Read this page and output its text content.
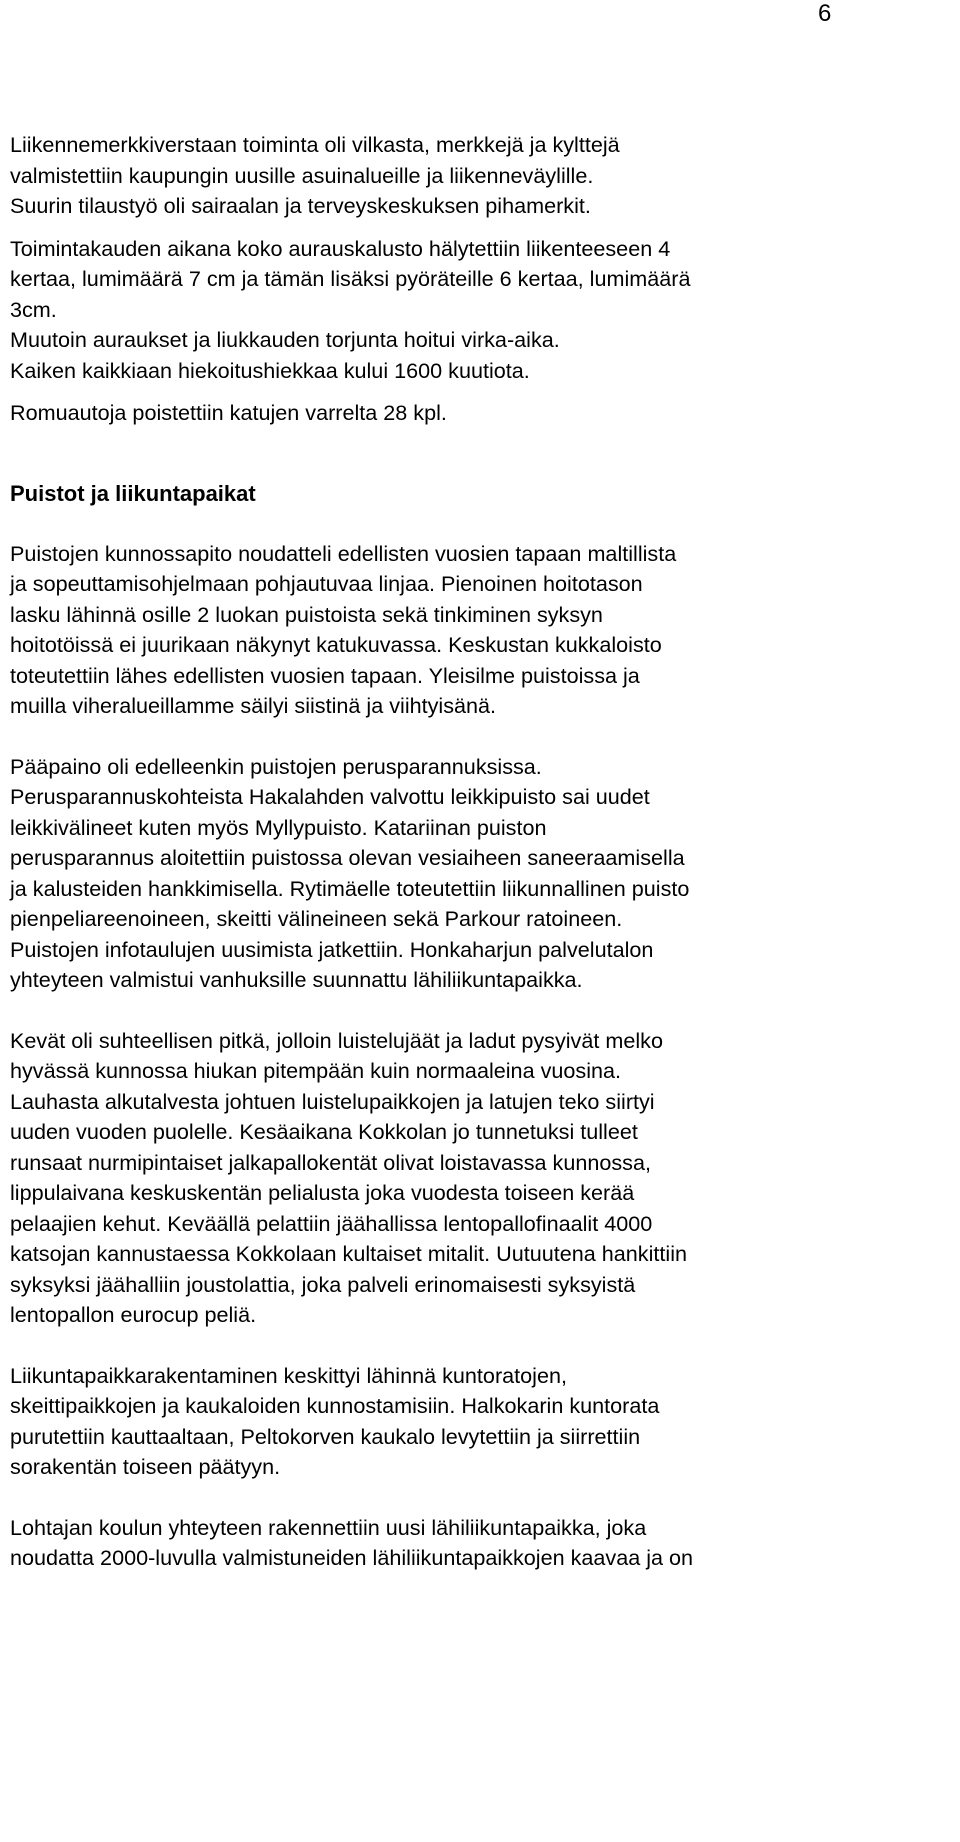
6

Liikennemerkkiverstaan toiminta oli vilkasta, merkkejä ja kylttejä

valmistettiin kaupungin uusille asuinalueille ja liikenneväylille.

Suurin tilaustyö oli sairaalan ja terveyskeskuksen pihamerkit.

Toimintakauden aikana koko aurauskalusto hälytettiin liikenteeseen 4

kertaa, lumimäärä 7 cm ja tämän lisäksi pyöräteille 6 kertaa, lumimäärä

3cm.

Muutoin auraukset ja liukkauden torjunta hoitui virka-aika.

Kaiken kaikkiaan hiekoitushiekkaa kului 1600 kuutiota.

Romuautoja poistettiin katujen varrelta 28 kpl.

Puistot ja liikuntapaikat

Puistojen kunnossapito noudatteli edellisten vuosien tapaan maltillista

ja sopeuttamisohjelmaan pohjautuvaa linjaa. Pienoinen hoitotason

lasku lähinnä osille 2 luokan puistoista sekä tinkiminen syksyn

hoitotöissä ei juurikaan näkynyt katukuvassa. Keskustan kukkaloisto

toteutettiin lähes edellisten vuosien tapaan. Yleisilme puistoissa ja

muilla viheralueillamme säilyi siistinä ja viihtyisänä.

Pääpaino oli edelleenkin puistojen perusparannuksissa.

Perusparannuskohteista Hakalahden valvottu leikkipuisto sai uudet

leikkivälineet kuten myös Myllypuisto. Katariinan puiston

perusparannus aloitettiin puistossa olevan vesiaiheen saneeraamisella

ja kalusteiden hankkimisella. Rytimäelle toteutettiin liikunnallinen puisto

pienpeliareenoineen, skeitti välineineen sekä Parkour ratoineen.

Puistojen infotaulujen uusimista jatkettiin. Honkaharjun palvelutalon

yhteyteen valmistui vanhuksille suunnattu lähiliikuntapaikka.

Kevät oli suhteellisen pitkä, jolloin luistelujäät ja ladut pysyivät melko

hyvässä kunnossa hiukan pitempään kuin normaaleina vuosina.

Lauhasta alkutalvesta johtuen luistelupaikkojen ja latujen teko siirtyi

uuden vuoden puolelle. Kesäaikana Kokkolan jo tunnetuksi tulleet

runsaat nurmipintaiset jalkapallokentät olivat loistavassa kunnossa,

lippulaivana keskuskentän pelialusta joka vuodesta toiseen kerää

pelaajien kehut. Keväällä pelattiin jäähallissa lentopallofinaalit 4000

katsojan kannustaessa Kokkolaan kultaiset mitalit. Uutuutena hankittiin

syksyksi jäähalliin joustolattia, joka palveli erinomaisesti syksyistä

lentopallon eurocup peliä.

Liikuntapaikkarakentaminen keskittyi lähinnä kuntoratojen,

skeittipaikkojen ja kaukaloiden kunnostamisiin. Halkokarin kuntorata

purutettiin kauttaaltaan, Peltokorven kaukalo levytettiin ja siirrettiin

sorakentän toiseen päätyyn.

Lohtajan koulun yhteyteen rakennettiin uusi lähiliikuntapaikka, joka

noudatta 2000-luvulla valmistuneiden lähiliikuntapaikkojen kaavaa ja on
